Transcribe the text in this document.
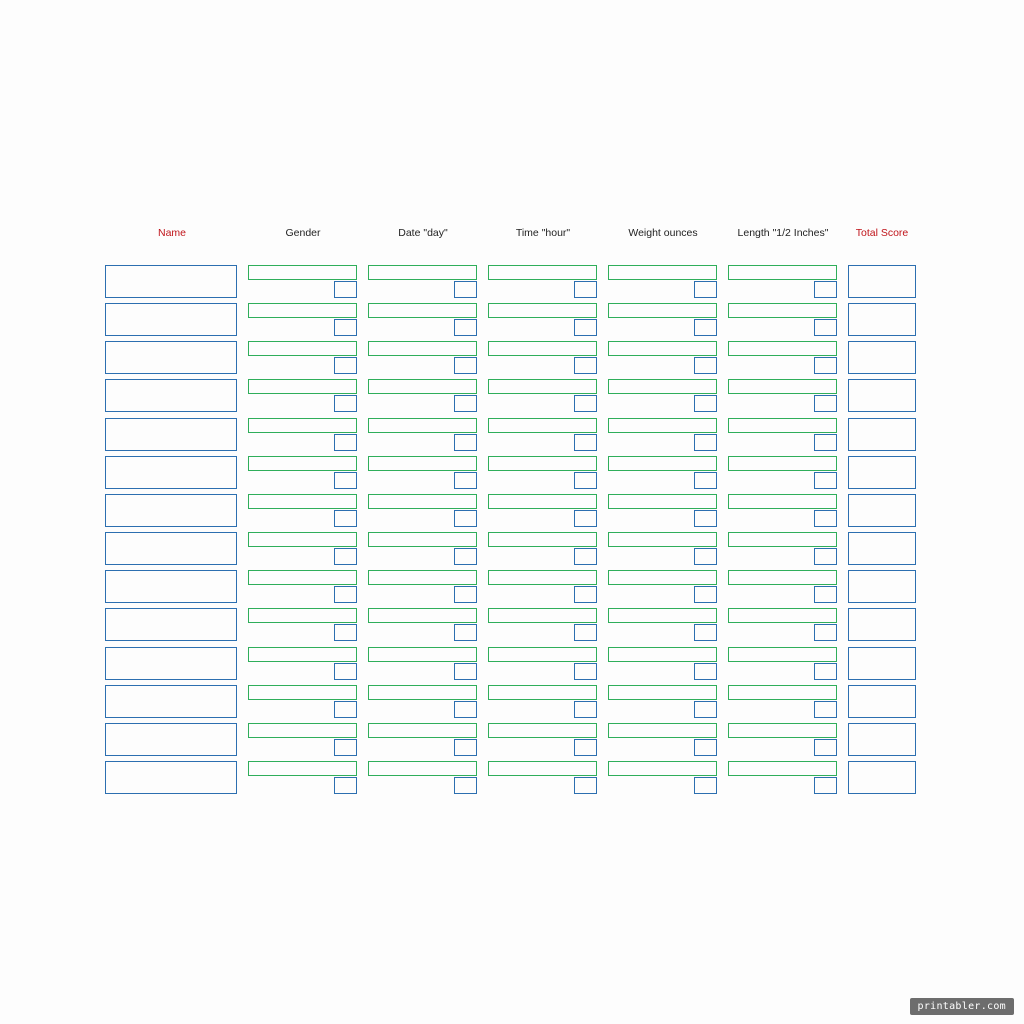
Name	Gender	Date "day"	Time "hour"	Weight ounces	Length "1/2 Inches"	Total Score
printabler.com
